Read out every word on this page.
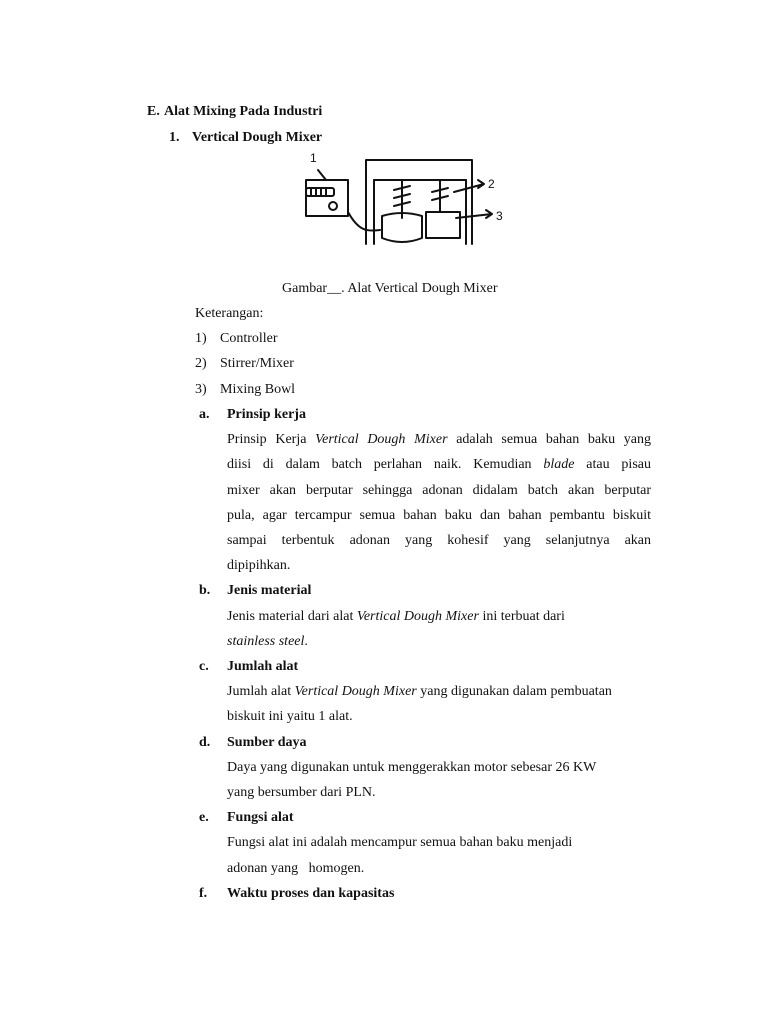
E. Alat Mixing Pada Industri
1. Vertical Dough Mixer
1
2
3
Gambar__. Alat Vertical Dough Mixer
Keterangan:
1) Controller
2) Stirrer/Mixer
3) Mixing Bowl
a. Prinsip kerja
Prinsip Kerja Vertical Dough Mixer adalah semua bahan baku yang
diisi di dalam batch perlahan naik. Kemudian blade atau pisau
mixer akan berputar sehingga adonan didalam batch akan berputar
pula, agar tercampur semua bahan baku dan bahan pembantu biskuit
sampai terbentuk adonan yang kohesif yang selanjutnya akan
dipipihkan.
b. Jenis material
Jenis material dari alat Vertical Dough Mixer ini terbuat dari
stainless steel.
c. Jumlah alat
Jumlah alat Vertical Dough Mixer yang digunakan dalam pembuatan
biskuit ini yaitu 1 alat.
d. Sumber daya
Daya yang digunakan untuk menggerakkan motor sebesar 26 KW
yang bersumber dari PLN.
e. Fungsi alat
Fungsi alat ini adalah mencampur semua bahan baku menjadi
adonan yang   homogen.
f. Waktu proses dan kapasitas
